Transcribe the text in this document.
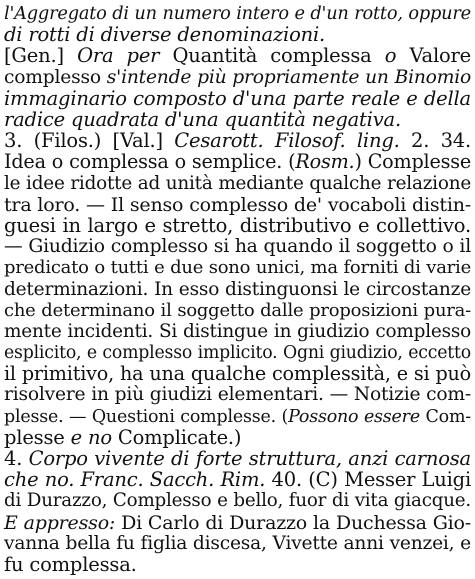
l'Aggregato di un numero intero e d'un rotto, oppure
di rotti di diverse denominazioni.
[Gen.] Ora per Quantità complessa o Valore
complesso s'intende più propriamente un Binomio
immaginario composto d'una parte reale e della
radice quadrata d'una quantità negativa.
3. (Filos.) [Val.] Cesarott. Filosof. ling. 2. 34.
Idea o complessa o semplice. (Rosm.) Complesse
le idee ridotte ad unità mediante qualche relazione
tra loro. — Il senso complesso de' vocaboli distin-
guesi in largo e stretto, distributivo e collettivo.
— Giudizio complesso si ha quando il soggetto o il
predicato o tutti e due sono unici, ma forniti di varie
determinazioni. In esso distinguonsi le circostanze
che determinano il soggetto dalle proposizioni pura-
mente incidenti. Si distingue in giudizio complesso
esplicito, e complesso implicito. Ogni giudizio, eccetto
il primitivo, ha una qualche complessità, e si può
risolvere in più giudizi elementari. — Notizie com-
plesse. — Questioni complesse. (Possono essere Com-
plesse e no Complicate.)
4. Corpo vivente di forte struttura, anzi carnosa
che no. Franc. Sacch. Rim. 40. (C) Messer Luigi
di Durazzo, Complesso e bello, fuor di vita giacque.
E appresso: Di Carlo di Durazzo la Duchessa Gio-
vanna bella fu figlia discesa, Vivette anni venzei, e
fu complessa.
